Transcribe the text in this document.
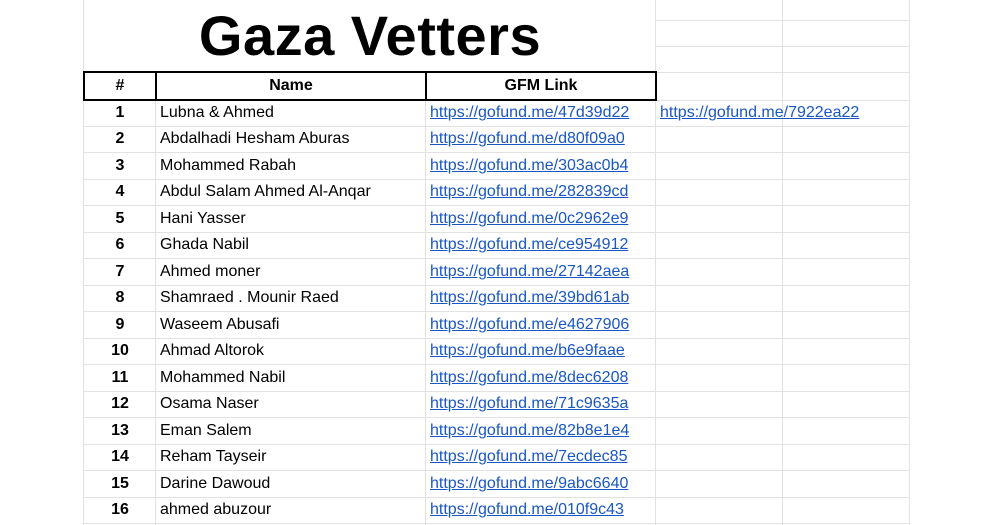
Gaza Vetters
#	Name	GFM Link
1	Lubna & Ahmed	https://gofund.me/47d39d22	https://gofund.me/7922ea22
2	Abdalhadi Hesham Aburas	https://gofund.me/d80f09a0
3	Mohammed Rabah	https://gofund.me/303ac0b4
4	Abdul Salam Ahmed Al-Anqar	https://gofund.me/282839cd
5	Hani Yasser	https://gofund.me/0c2962e9
6	Ghada Nabil	https://gofund.me/ce954912
7	Ahmed moner	https://gofund.me/27142aea
8	Shamraed . Mounir Raed	https://gofund.me/39bd61ab
9	Waseem Abusafi	https://gofund.me/e4627906
10	Ahmad Altorok	https://gofund.me/b6e9faae
11	Mohammed Nabil	https://gofund.me/8dec6208
12	Osama Naser	https://gofund.me/71c9635a
13	Eman Salem	https://gofund.me/82b8e1e4
14	Reham Tayseir	https://gofund.me/7ecdec85
15	Darine Dawoud	https://gofund.me/9abc6640
16	ahmed abuzour	https://gofund.me/010f9c43
